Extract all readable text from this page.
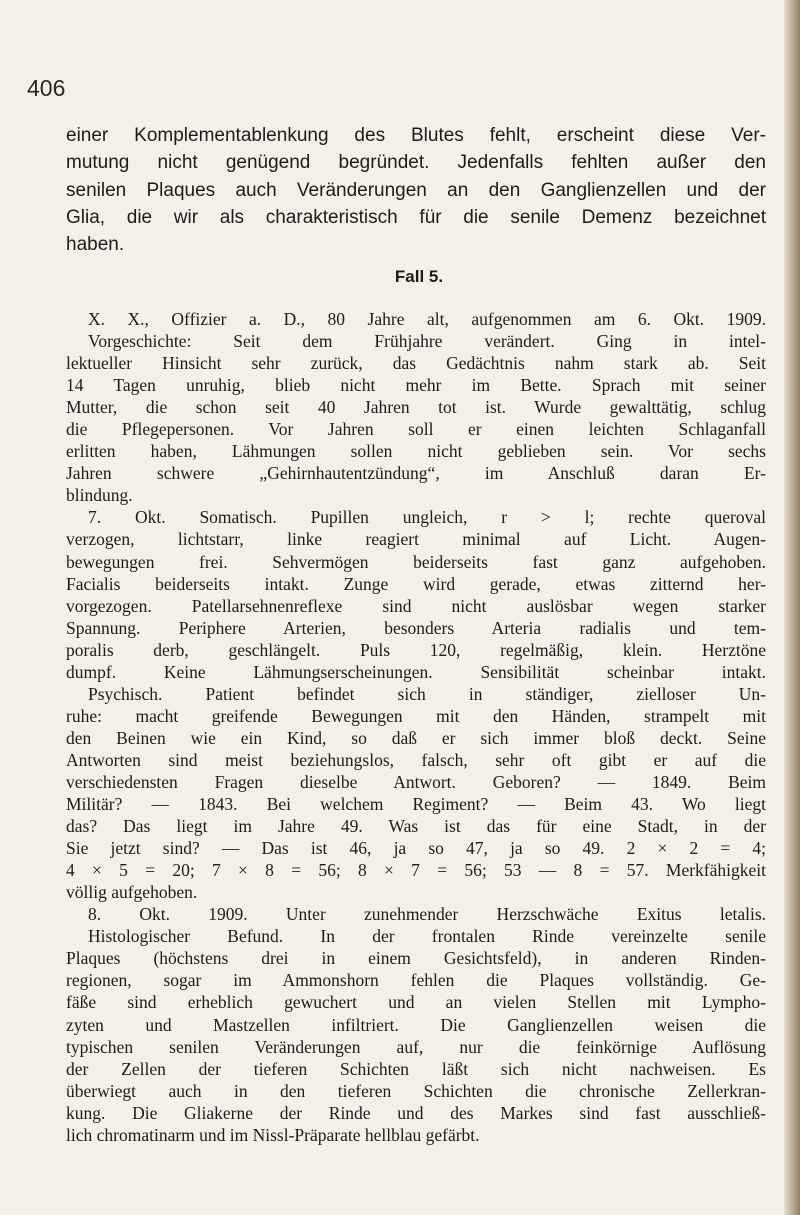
406
einer Komplementablenkung des Blutes fehlt, erscheint diese Ver-
mutung nicht genügend begründet. Jedenfalls fehlten außer den
senilen Plaques auch Veränderungen an den Ganglienzellen und der
Glia, die wir als charakteristisch für die senile Demenz bezeichnet
haben.
Fall 5.
X. X., Offizier a. D., 80 Jahre alt, aufgenommen am 6. Okt. 1909.
Vorgeschichte: Seit dem Frühjahre verändert. Ging in intel-
lektueller Hinsicht sehr zurück, das Gedächtnis nahm stark ab. Seit
14 Tagen unruhig, blieb nicht mehr im Bette. Sprach mit seiner
Mutter, die schon seit 40 Jahren tot ist. Wurde gewalttätig, schlug
die Pflegepersonen. Vor Jahren soll er einen leichten Schlaganfall
erlitten haben, Lähmungen sollen nicht geblieben sein. Vor sechs
Jahren schwere „Gehirnhautentzündung“, im Anschluß daran Er-
blindung.
7. Okt. Somatisch. Pupillen ungleich, r > l; rechte queroval
verzogen, lichtstarr, linke reagiert minimal auf Licht. Augen-
bewegungen frei. Sehvermögen beiderseits fast ganz aufgehoben.
Facialis beiderseits intakt. Zunge wird gerade, etwas zitternd her-
vorgezogen. Patellarsehnenreflexe sind nicht auslösbar wegen starker
Spannung. Periphere Arterien, besonders Arteria radialis und tem-
poralis derb, geschlängelt. Puls 120, regelmäßig, klein. Herztöne
dumpf. Keine Lähmungserscheinungen. Sensibilität scheinbar intakt.
Psychisch. Patient befindet sich in ständiger, zielloser Un-
ruhe: macht greifende Bewegungen mit den Händen, strampelt mit
den Beinen wie ein Kind, so daß er sich immer bloß deckt. Seine
Antworten sind meist beziehungslos, falsch, sehr oft gibt er auf die
verschiedensten Fragen dieselbe Antwort. Geboren? — 1849. Beim
Militär? — 1843. Bei welchem Regiment? — Beim 43. Wo liegt
das? Das liegt im Jahre 49. Was ist das für eine Stadt, in der
Sie jetzt sind? — Das ist 46, ja so 47, ja so 49. 2 × 2 = 4;
4 × 5 = 20; 7 × 8 = 56; 8 × 7 = 56; 53 — 8 = 57. Merkfähigkeit
völlig aufgehoben.
8. Okt. 1909. Unter zunehmender Herzschwäche Exitus letalis.
Histologischer Befund. In der frontalen Rinde vereinzelte senile
Plaques (höchstens drei in einem Gesichtsfeld), in anderen Rinden-
regionen, sogar im Ammonshorn fehlen die Plaques vollständig. Ge-
fäße sind erheblich gewuchert und an vielen Stellen mit Lympho-
zyten und Mastzellen infiltriert. Die Ganglienzellen weisen die
typischen senilen Veränderungen auf, nur die feinkörnige Auflösung
der Zellen der tieferen Schichten läßt sich nicht nachweisen. Es
überwiegt auch in den tieferen Schichten die chronische Zellerkran-
kung. Die Gliakerne der Rinde und des Markes sind fast ausschließ-
lich chromatinarm und im Nissl-Präparate hellblau gefärbt.
